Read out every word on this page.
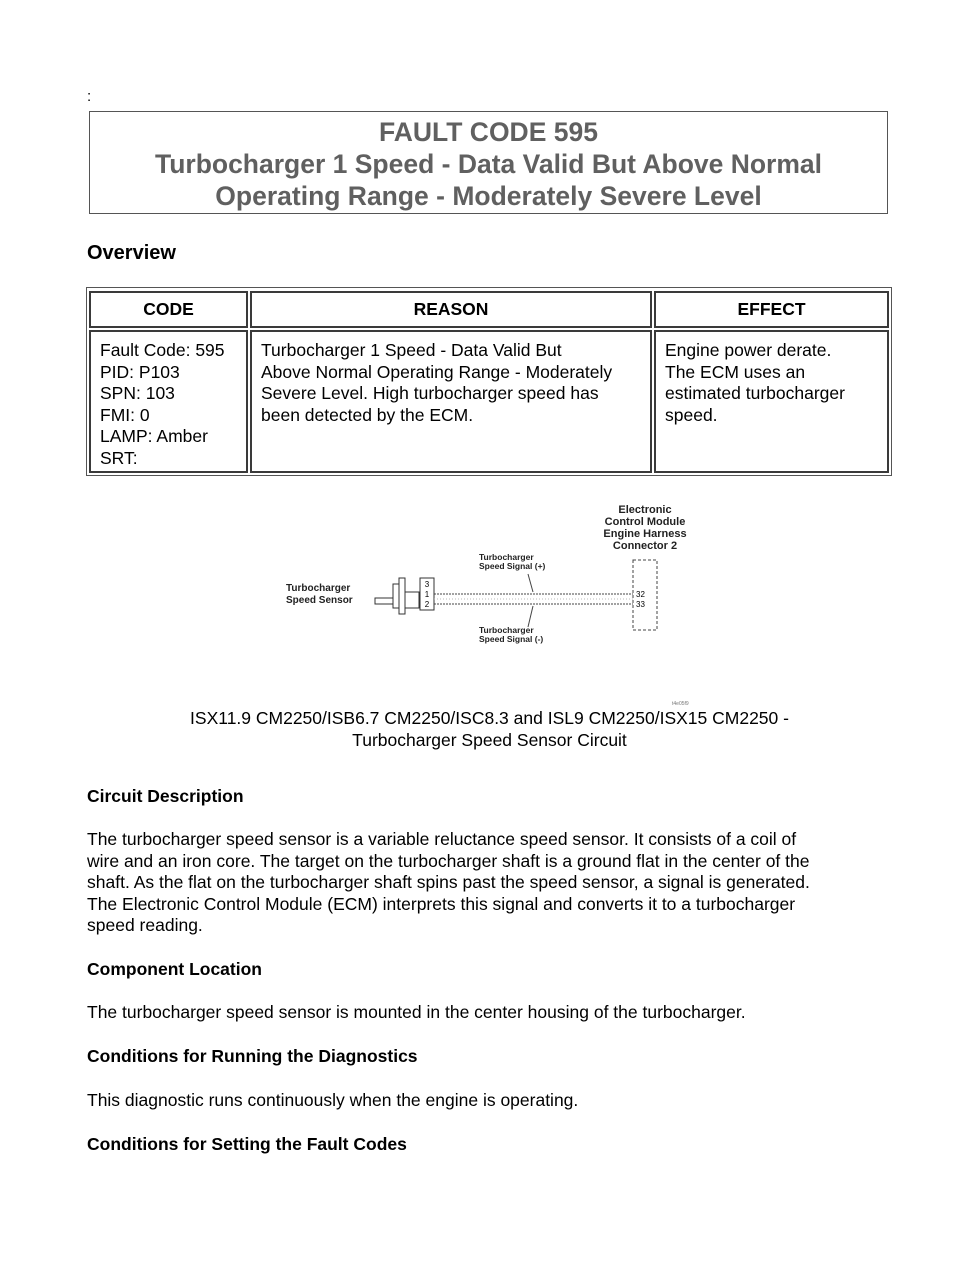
:
FAULT CODE 595
Turbocharger 1 Speed - Data Valid But Above Normal
Operating Range - Moderately Severe Level
Overview
CODE	REASON	EFFECT
Fault Code: 595
PID: P103
SPN: 103
FMI: 0
LAMP: Amber
SRT:
Turbocharger 1 Speed - Data Valid But
Above Normal Operating Range - Moderately
Severe Level. High turbocharger speed has
been detected by the ECM.
Engine power derate.
The ECM uses an
estimated turbocharger
speed.
Electronic
Control Module
Engine Harness
Connector 2
Turbocharger
Speed Signal (+)
Turbocharger
Speed Sensor
Turbocharger
Speed Signal (-)
3
1
2
32
33
t4e05f9
ISX11.9 CM2250/ISB6.7 CM2250/ISC8.3 and ISL9 CM2250/ISX15 CM2250 -
Turbocharger Speed Sensor Circuit
Circuit Description
The turbocharger speed sensor is a variable reluctance speed sensor. It consists of a coil of
wire and an iron core. The target on the turbocharger shaft is a ground flat in the center of the
shaft. As the flat on the turbocharger shaft spins past the speed sensor, a signal is generated.
The Electronic Control Module (ECM) interprets this signal and converts it to a turbocharger
speed reading.
Component Location
The turbocharger speed sensor is mounted in the center housing of the turbocharger.
Conditions for Running the Diagnostics
This diagnostic runs continuously when the engine is operating.
Conditions for Setting the Fault Codes
